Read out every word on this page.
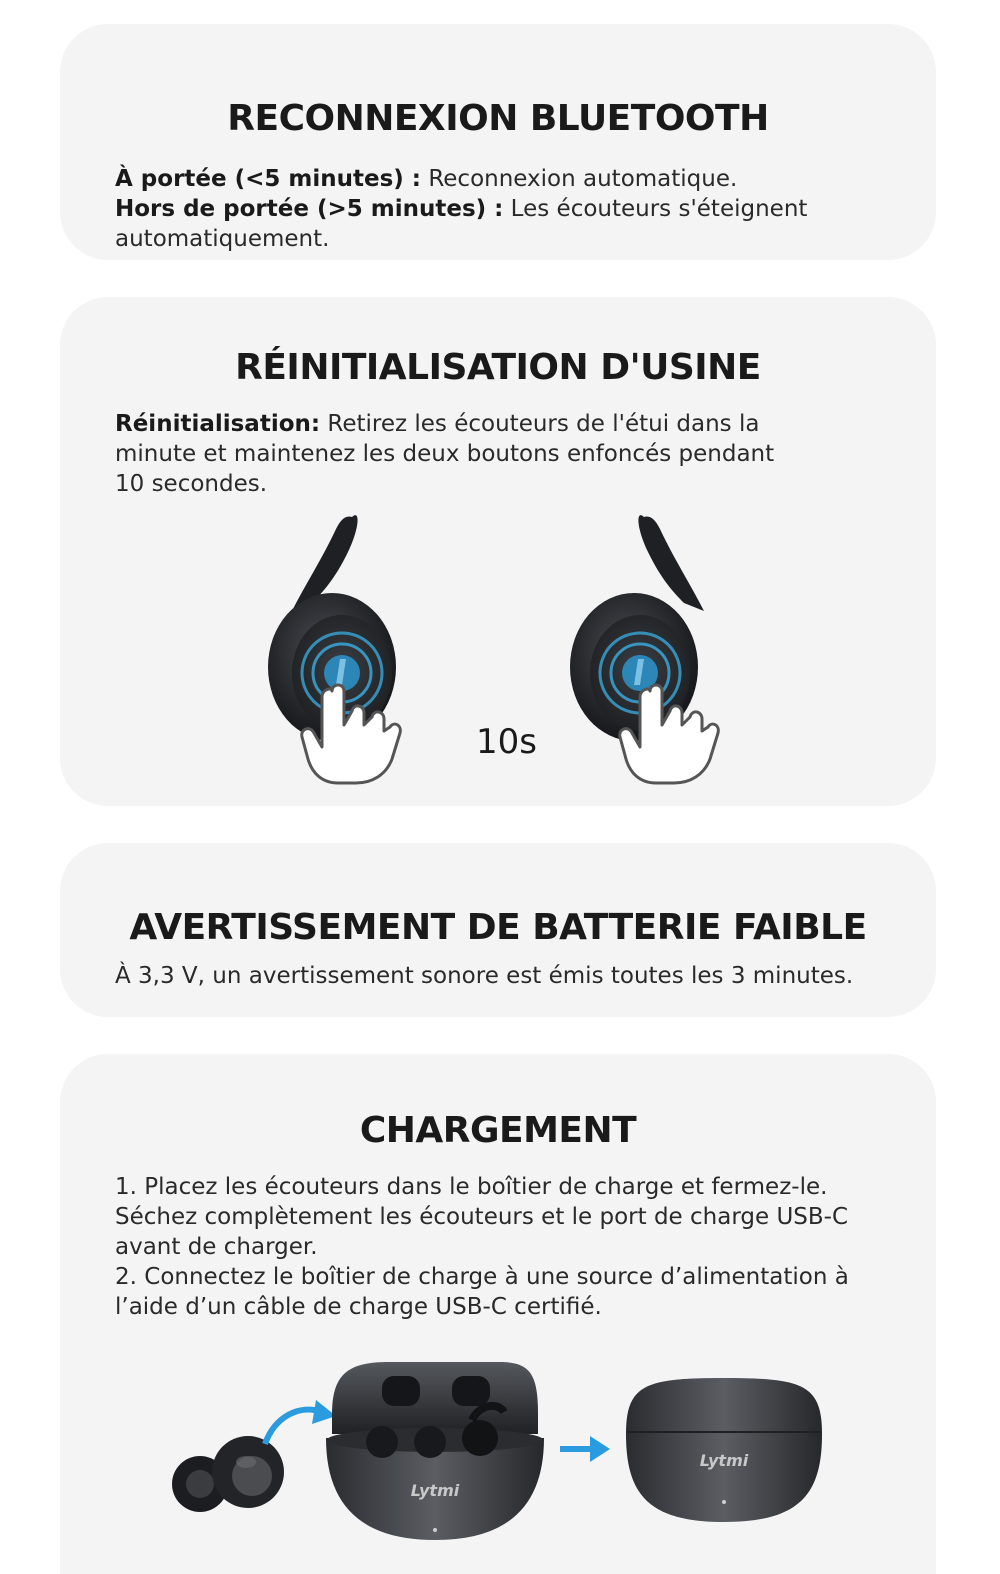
RECONNEXION BLUETOOTH
À portée (<5 minutes) : Reconnexion automatique.
Hors de portée (>5 minutes) : Les écouteurs s'éteignent
automatiquement.
RÉINITIALISATION D'USINE
Réinitialisation: Retirez les écouteurs de l'étui dans la
minute et maintenez les deux boutons enfoncés pendant
10 secondes.
10s
AVERTISSEMENT DE BATTERIE FAIBLE
À 3,3 V, un avertissement sonore est émis toutes les 3 minutes.
CHARGEMENT
1. Placez les écouteurs dans le boîtier de charge et fermez-le.
Séchez complètement les écouteurs et le port de charge USB-C
avant de charger.
2. Connectez le boîtier de charge à une source d’alimentation à
l’aide d’un câble de charge USB-C certifié.
Lytmi
Lytmi
